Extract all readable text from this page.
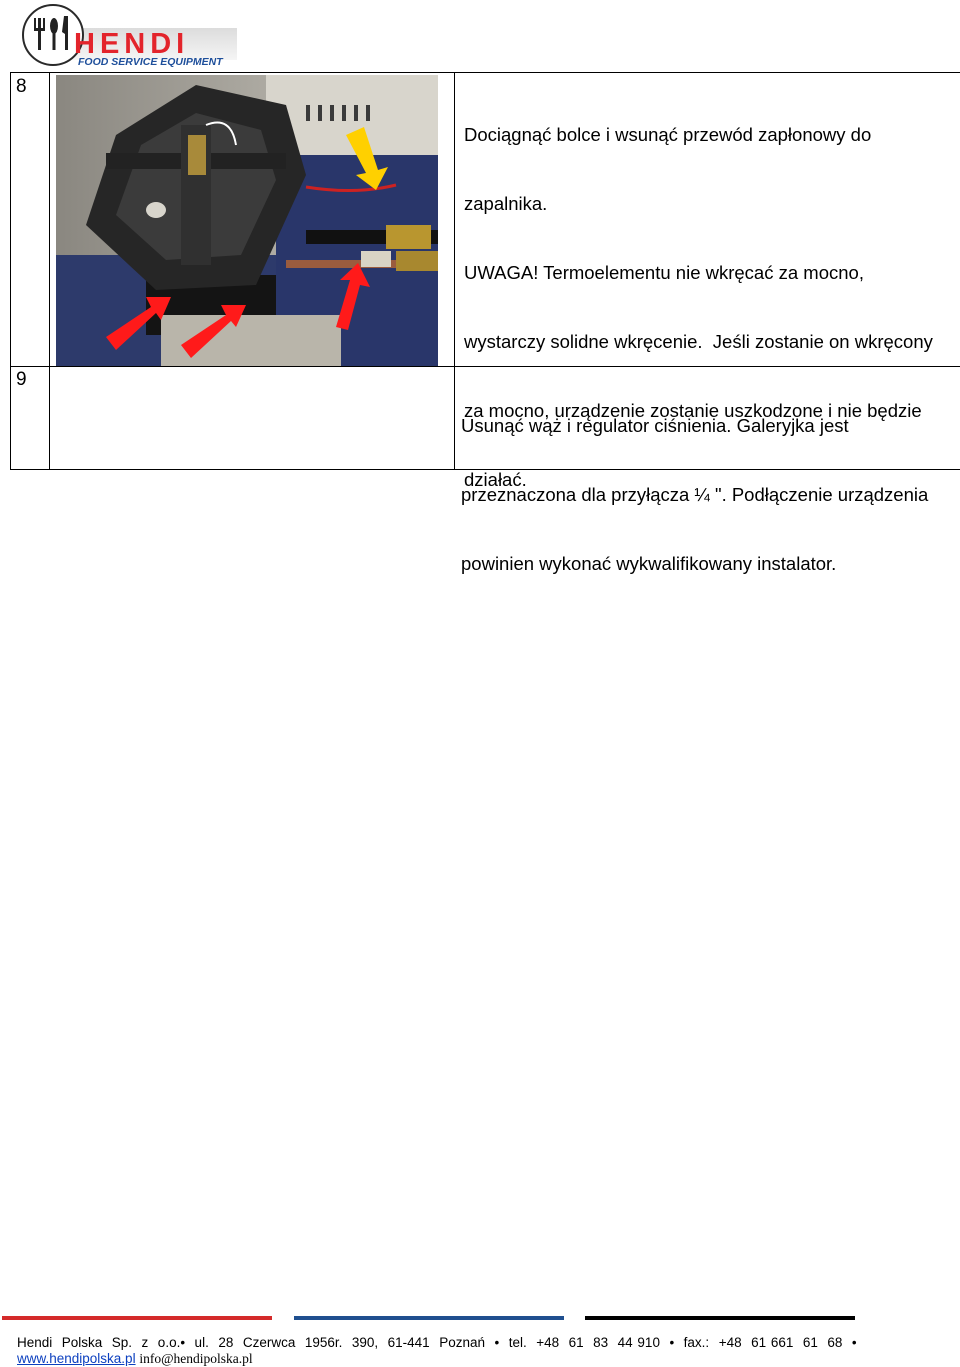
HENDI
FOOD SERVICE EQUIPMENT
8

Dociągnąć bolce i wsunąć przewód zapłonowy do

zapalnika.

UWAGA! Termoelementu nie wkręcać za mocno,

wystarczy solidne wkręcenie.  Jeśli zostanie on wkręcony

za mocno, urządzenie zostanie uszkodzone i nie będzie

działać.

9

Usunąć wąż i regulator ciśnienia. Galeryjka jest

przeznaczona dla przyłącza ¼ ". Podłączenie urządzenia

powinien wykonać wykwalifikowany instalator.

Hendi  Polska  Sp.  z  o.o.•  ul.  28  Czerwca  1956r.  390,  61-441  Poznań  •  tel.  +48  61  83  44 910  •  fax.:  +48  61 661  61  68  •
www.hendipolska.pl info@hendipolska.pl
